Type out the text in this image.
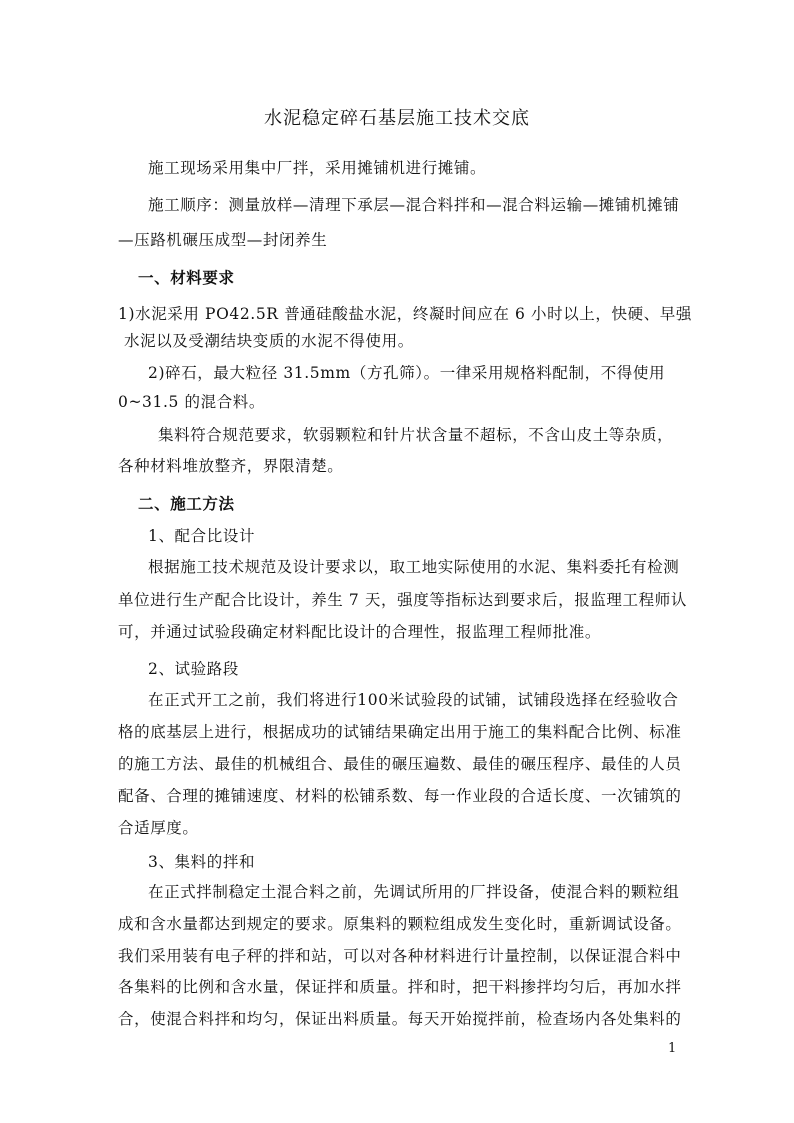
水泥稳定碎石基层施工技术交底
施工现场采用集中厂拌，采用摊铺机进行摊铺。
施工顺序：测量放样—清理下承层—混合料拌和—混合料运输—摊铺机摊铺
—压路机碾压成型—封闭养生
一、材料要求
1)水泥采用 PO42.5R 普通硅酸盐水泥，终凝时间应在 6 小时以上，快硬、早强
水泥以及受潮结块变质的水泥不得使用。
2)碎石，最大粒径 31.5mm（方孔筛）。一律采用规格料配制，不得使用
0~31.5 的混合料。
集料符合规范要求，软弱颗粒和针片状含量不超标，不含山皮土等杂质，
各种材料堆放整齐，界限清楚。
二、施工方法
1、配合比设计
根据施工技术规范及设计要求以，取工地实际使用的水泥、集料委托有检测
单位进行生产配合比设计，养生 7 天，强度等指标达到要求后，报监理工程师认
可，并通过试验段确定材料配比设计的合理性，报监理工程师批准。
2、试验路段
在正式开工之前，我们将进行100米试验段的试铺，试铺段选择在经验收合
格的底基层上进行，根据成功的试铺结果确定出用于施工的集料配合比例、标准
的施工方法、最佳的机械组合、最佳的碾压遍数、最佳的碾压程序、最佳的人员
配备、合理的摊铺速度、材料的松铺系数、每一作业段的合适长度、一次铺筑的
合适厚度。
3、集料的拌和
在正式拌制稳定土混合料之前，先调试所用的厂拌设备，使混合料的颗粒组
成和含水量都达到规定的要求。原集料的颗粒组成发生变化时，重新调试设备。
我们采用装有电子秤的拌和站，可以对各种材料进行计量控制，以保证混合料中
各集料的比例和含水量，保证拌和质量。拌和时，把干料掺拌均匀后，再加水拌
合，使混合料拌和均匀，保证出料质量。每天开始搅拌前，检查场内各处集料的
1
